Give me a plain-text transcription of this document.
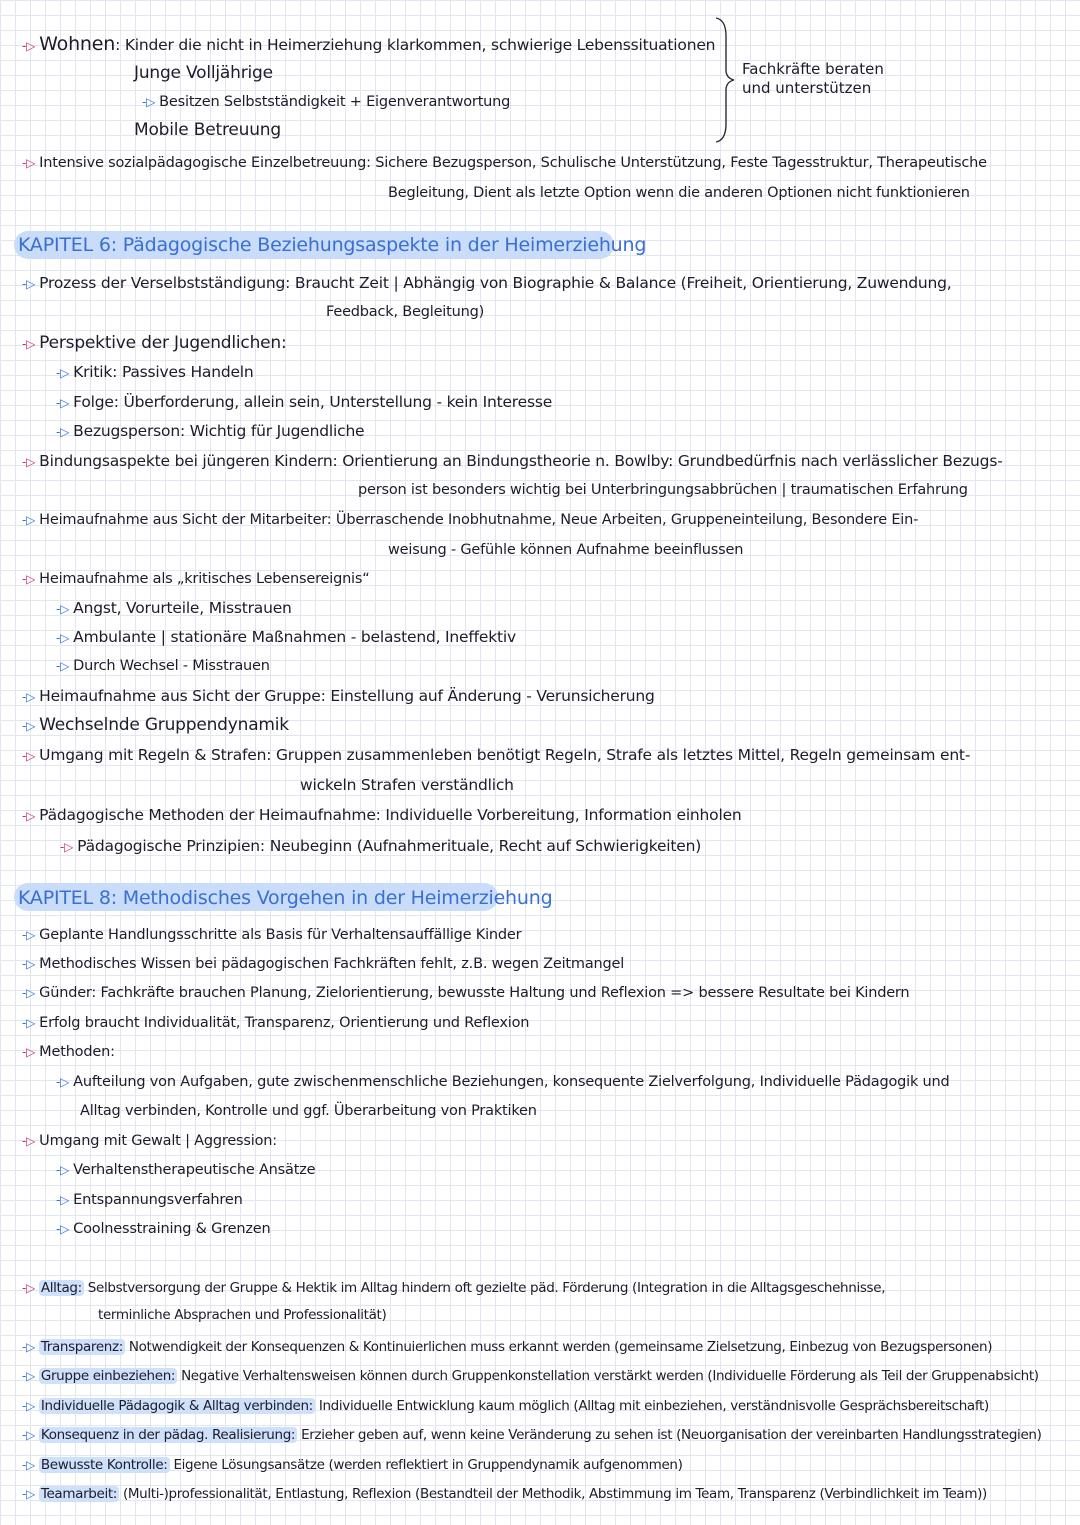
-▷ Wohnen: Kinder die nicht in Heimerziehung klarkommen, schwierige Lebenssituationen
Junge Volljährige
-▷ Besitzen Selbstständigkeit + Eigenverantwortung
Mobile Betreuung
Fachkräfte beraten
und unterstützen
-▷ Intensive sozialpädagogische Einzelbetreuung: Sichere Bezugsperson, Schulische Unterstützung, Feste Tagesstruktur, Therapeutische
Begleitung, Dient als letzte Option wenn die anderen Optionen nicht funktionieren
KAPITEL 6: Pädagogische Beziehungsaspekte in der Heimerziehung
-▷ Prozess der Verselbstständigung: Braucht Zeit | Abhängig von Biographie & Balance (Freiheit, Orientierung, Zuwendung,
Feedback, Begleitung)
-▷ Perspektive der Jugendlichen:
-▷ Kritik: Passives Handeln
-▷ Folge: Überforderung, allein sein, Unterstellung - kein Interesse
-▷ Bezugsperson: Wichtig für Jugendliche
-▷ Bindungsaspekte bei jüngeren Kindern: Orientierung an Bindungstheorie n. Bowlby: Grundbedürfnis nach verlässlicher Bezugs-
person ist besonders wichtig bei Unterbringungsabbrüchen | traumatischen Erfahrung
-▷ Heimaufnahme aus Sicht der Mitarbeiter: Überraschende Inobhutnahme, Neue Arbeiten, Gruppeneinteilung, Besondere Ein-
weisung - Gefühle können Aufnahme beeinflussen
-▷ Heimaufnahme als „kritisches Lebensereignis“
-▷ Angst, Vorurteile, Misstrauen
-▷ Ambulante | stationäre Maßnahmen - belastend, Ineffektiv
-▷ Durch Wechsel - Misstrauen
-▷ Heimaufnahme aus Sicht der Gruppe: Einstellung auf Änderung - Verunsicherung
-▷ Wechselnde Gruppendynamik
-▷ Umgang mit Regeln & Strafen: Gruppen zusammenleben benötigt Regeln, Strafe als letztes Mittel, Regeln gemeinsam ent-
wickeln Strafen verständlich
-▷ Pädagogische Methoden der Heimaufnahme: Individuelle Vorbereitung, Information einholen
-▷ Pädagogische Prinzipien: Neubeginn (Aufnahmerituale, Recht auf Schwierigkeiten)
KAPITEL 8: Methodisches Vorgehen in der Heimerziehung
-▷ Geplante Handlungsschritte als Basis für Verhaltensauffällige Kinder
-▷ Methodisches Wissen bei pädagogischen Fachkräften fehlt, z.B. wegen Zeitmangel
-▷ Günder: Fachkräfte brauchen Planung, Zielorientierung, bewusste Haltung und Reflexion => bessere Resultate bei Kindern
-▷ Erfolg braucht Individualität, Transparenz, Orientierung und Reflexion
-▷ Methoden:
-▷ Aufteilung von Aufgaben, gute zwischenmenschliche Beziehungen, konsequente Zielverfolgung, Individuelle Pädagogik und
Alltag verbinden, Kontrolle und ggf. Überarbeitung von Praktiken
-▷ Umgang mit Gewalt | Aggression:
-▷ Verhaltenstherapeutische Ansätze
-▷ Entspannungsverfahren
-▷ Coolnesstraining & Grenzen
-▷ Alltag: Selbstversorgung der Gruppe & Hektik im Alltag hindern oft gezielte päd. Förderung (Integration in die Alltagsgeschehnisse,
terminliche Absprachen und Professionalität)
-▷ Transparenz: Notwendigkeit der Konsequenzen & Kontinuierlichen muss erkannt werden (gemeinsame Zielsetzung, Einbezug von Bezugspersonen)
-▷ Gruppe einbeziehen: Negative Verhaltensweisen können durch Gruppenkonstellation verstärkt werden (Individuelle Förderung als Teil der Gruppenabsicht)
-▷ Individuelle Pädagogik & Alltag verbinden: Individuelle Entwicklung kaum möglich (Alltag mit einbeziehen, verständnisvolle Gesprächsbereitschaft)
-▷ Konsequenz in der pädag. Realisierung: Erzieher geben auf, wenn keine Veränderung zu sehen ist (Neuorganisation der vereinbarten Handlungsstrategien)
-▷ Bewusste Kontrolle: Eigene Lösungsansätze (werden reflektiert in Gruppendynamik aufgenommen)
-▷ Teamarbeit: (Multi-)professionalität, Entlastung, Reflexion (Bestandteil der Methodik, Abstimmung im Team, Transparenz (Verbindlichkeit im Team))
